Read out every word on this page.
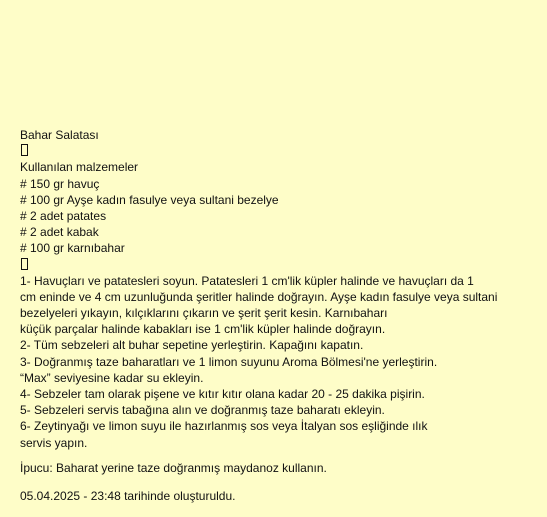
Bahar Salatası
Kullanılan malzemeler
# 150 gr havuç
# 100 gr Ayşe kadın fasulye veya sultani bezelye
# 2 adet patates
# 2 adet kabak
# 100 gr karnıbahar
1- Havuçları ve patatesleri soyun. Patatesleri 1 cm'lik küpler halinde ve havuçları da 1
cm eninde ve 4 cm uzunluğunda şeritler halinde doğrayın. Ayşe kadın fasulye veya sultani
bezelyeleri yıkayın, kılçıklarını çıkarın ve şerit şerit kesin. Karnıbaharı
küçük parçalar halinde kabakları ise 1 cm'lik küpler halinde doğrayın.
2- Tüm sebzeleri alt buhar sepetine yerleştirin. Kapağını kapatın.
3- Doğranmış taze baharatları ve 1 limon suyunu Aroma Bölmesi'ne yerleştirin.
“Max” seviyesine kadar su ekleyin.
4- Sebzeler tam olarak pişene ve kıtır kıtır olana kadar 20 - 25 dakika pişirin.
5- Sebzeleri servis tabağına alın ve doğranmış taze baharatı ekleyin.
6- Zeytinyağı ve limon suyu ile hazırlanmış sos veya İtalyan sos eşliğinde ılık
servis yapın.
İpucu: Baharat yerine taze doğranmış maydanoz kullanın.
05.04.2025 - 23:48 tarihinde oluşturuldu.
